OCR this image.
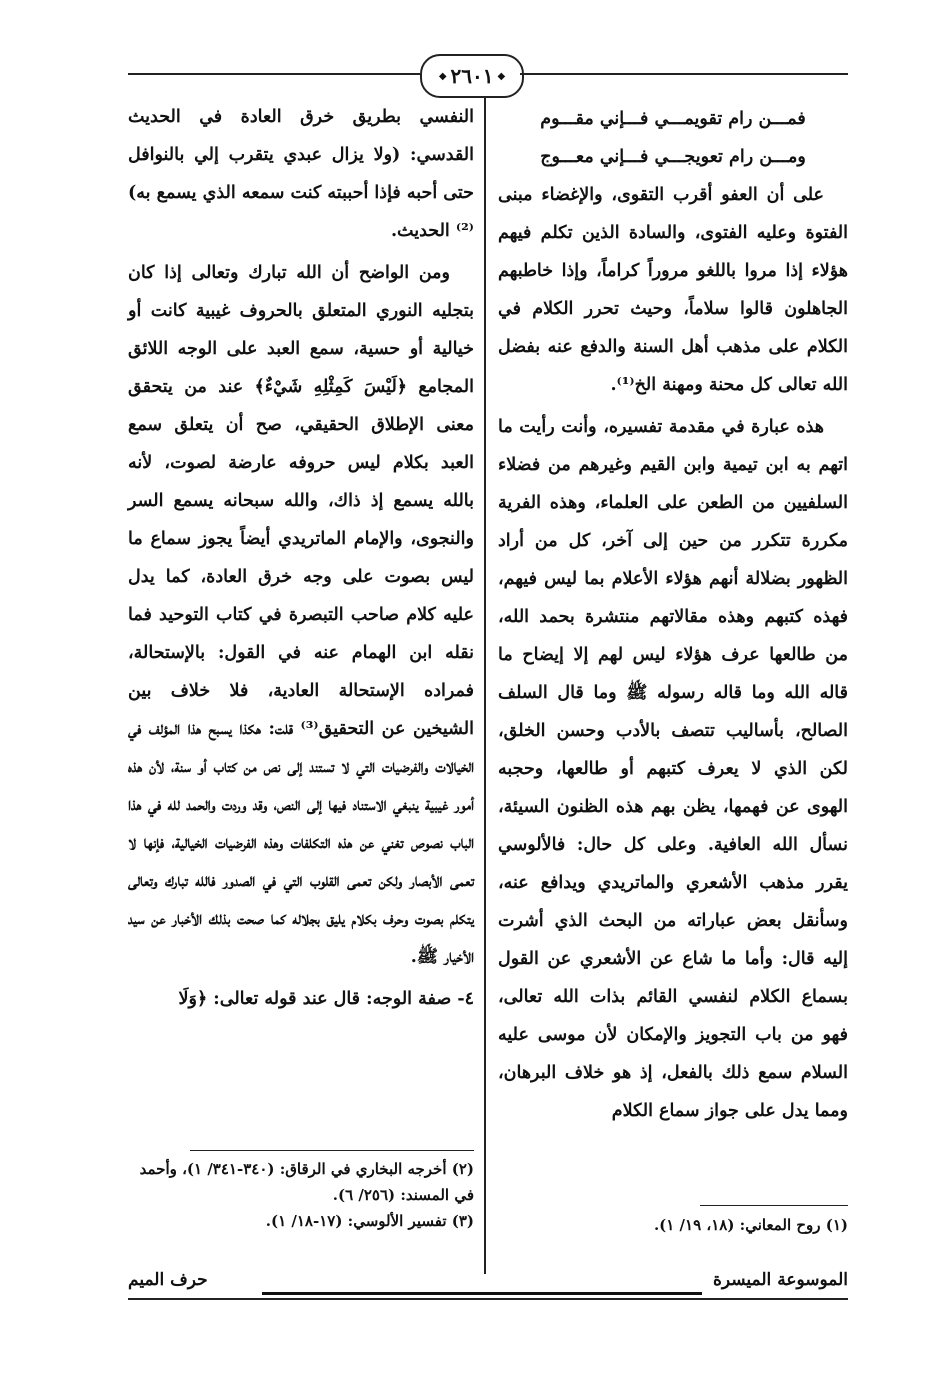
◆ ٢٦٠١
◆
فمـــن رام تقويمـــي فـــإني مقـــوم
ومـــن رام تعويجـــي فـــإني معـــوج

على أن العفو أقرب التقوى، والإغضاء مبنى الفتوة وعليه الفتوى، والسادة الذين تكلم فيهم هؤلاء إذا مروا باللغو مروراً كراماً، وإذا خاطبهم الجاهلون قالوا سلاماً، وحيث تحرر الكلام في الكلام على مذهب أهل السنة والدفع عنه بفضل الله تعالى كل محنة ومهنة الخ⁽¹⁾.

هذه عبارة في مقدمة تفسيره، وأنت رأيت ما اتهم به ابن تيمية وابن القيم وغيرهم من فضلاء السلفيين من الطعن على العلماء، وهذه الفرية مكررة تتكرر من حين إلى آخر، كل من أراد الظهور بضلالة أنهم هؤلاء الأعلام بما ليس فيهم، فهذه كتبهم وهذه مقالاتهم منتشرة بحمد الله، من طالعها عرف هؤلاء ليس لهم إلا إيضاح ما قاله الله وما قاله رسوله ﷺ وما قال السلف الصالح، بأساليب تتصف بالأدب وحسن الخلق، لكن الذي لا يعرف كتبهم أو طالعها، وحجبه الهوى عن فهمها، يظن بهم هذه الظنون السيئة، نسأل الله العافية. وعلى كل حال: فالألوسي يقرر مذهب الأشعري والماتريدي ويدافع عنه، وسأنقل بعض عباراته من البحث الذي أشرت إليه قال: وأما ما شاع عن الأشعري عن القول بسماع الكلام لنفسي القائم بذات الله تعالى، فهو من باب التجويز والإمكان لأن موسى عليه السلام سمع ذلك بالفعل، إذ هو خلاف البرهان، ومما يدل على جواز سماع الكلام

(١) روح المعاني: (١٨، ١٩/ ١).

النفسي بطريق خرق العادة في الحديث القدسي: (ولا يزال عبدي يتقرب إلي بالنوافل حتى أحبه فإذا أحببته كنت سمعه الذي يسمع به)⁽²⁾ الحديث.

ومن الواضح أن الله تبارك وتعالى إذا كان بتجليه النوري المتعلق بالحروف غيبية كانت أو خيالية أو حسية، سمع العبد على الوجه اللائق المجامع ﴿لَيْسَ كَمِثْلِهِ شَيْءٌ﴾ عند من يتحقق معنى الإطلاق الحقيقي، صح أن يتعلق سمع العبد بكلام ليس حروفه عارضة لصوت، لأنه بالله يسمع إذ ذاك، والله سبحانه يسمع السر والنجوى، والإمام الماتريدي أيضاً يجوز سماع ما ليس بصوت على وجه خرق العادة، كما يدل عليه كلام صاحب التبصرة في كتاب التوحيد فما نقله ابن الهمام عنه في القول: بالإستحالة، فمراده الإستحالة العادية، فلا خلاف بين الشيخين عن التحقيق⁽³⁾ قلت: هكذا يسبح هذا المؤلف في الخيالات والفرضيات التي لا تستند إلى نص من كتاب أو سنة، لأن هذه أمور غيبية ينبغي الاستناد فيها إلى النص، وقد وردت والحمد لله في هذا الباب نصوص تغني عن هذه التكلفات وهذه الفرضيات الخيالية، فإنها لا تعمى الأبصار ولكن تعمى القلوب التي في الصدور فالله تبارك وتعالى يتكلم بصوت وحرف بكلام يليق بجلاله كما صحت بذلك الأخبار عن سيد الأخيار ﷺ.

٤- صفة الوجه: قال عند قوله تعالى: ﴿وَلَا

(٢) أخرجه البخاري في الرقاق: (٣٤٠-٣٤١/ ١)، وأحمد في المسند: (٢٥٦/ ٦).
(٣) تفسير الألوسي: (١٧-١٨/ ١).
الموسوعة الميسرة
حرف الميم
